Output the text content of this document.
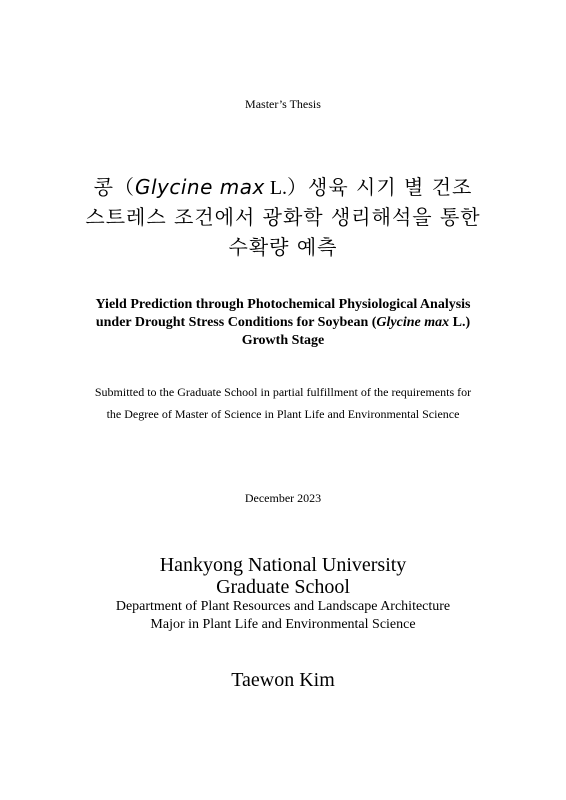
Master’s Thesis
콩（Glycine max L.）생육 시기 별 건조
스트레스 조건에서 광화학 생리해석을 통한
수확량 예측
Yield Prediction through Photochemical Physiological Analysis
under Drought Stress Conditions for Soybean (Glycine max L.)
Growth Stage
Submitted to the Graduate School in partial fulfillment of the requirements for
the Degree of Master of Science in Plant Life and Environmental Science
December 2023
Hankyong National University
Graduate School
Department of Plant Resources and Landscape Architecture
Major in Plant Life and Environmental Science
Taewon Kim
